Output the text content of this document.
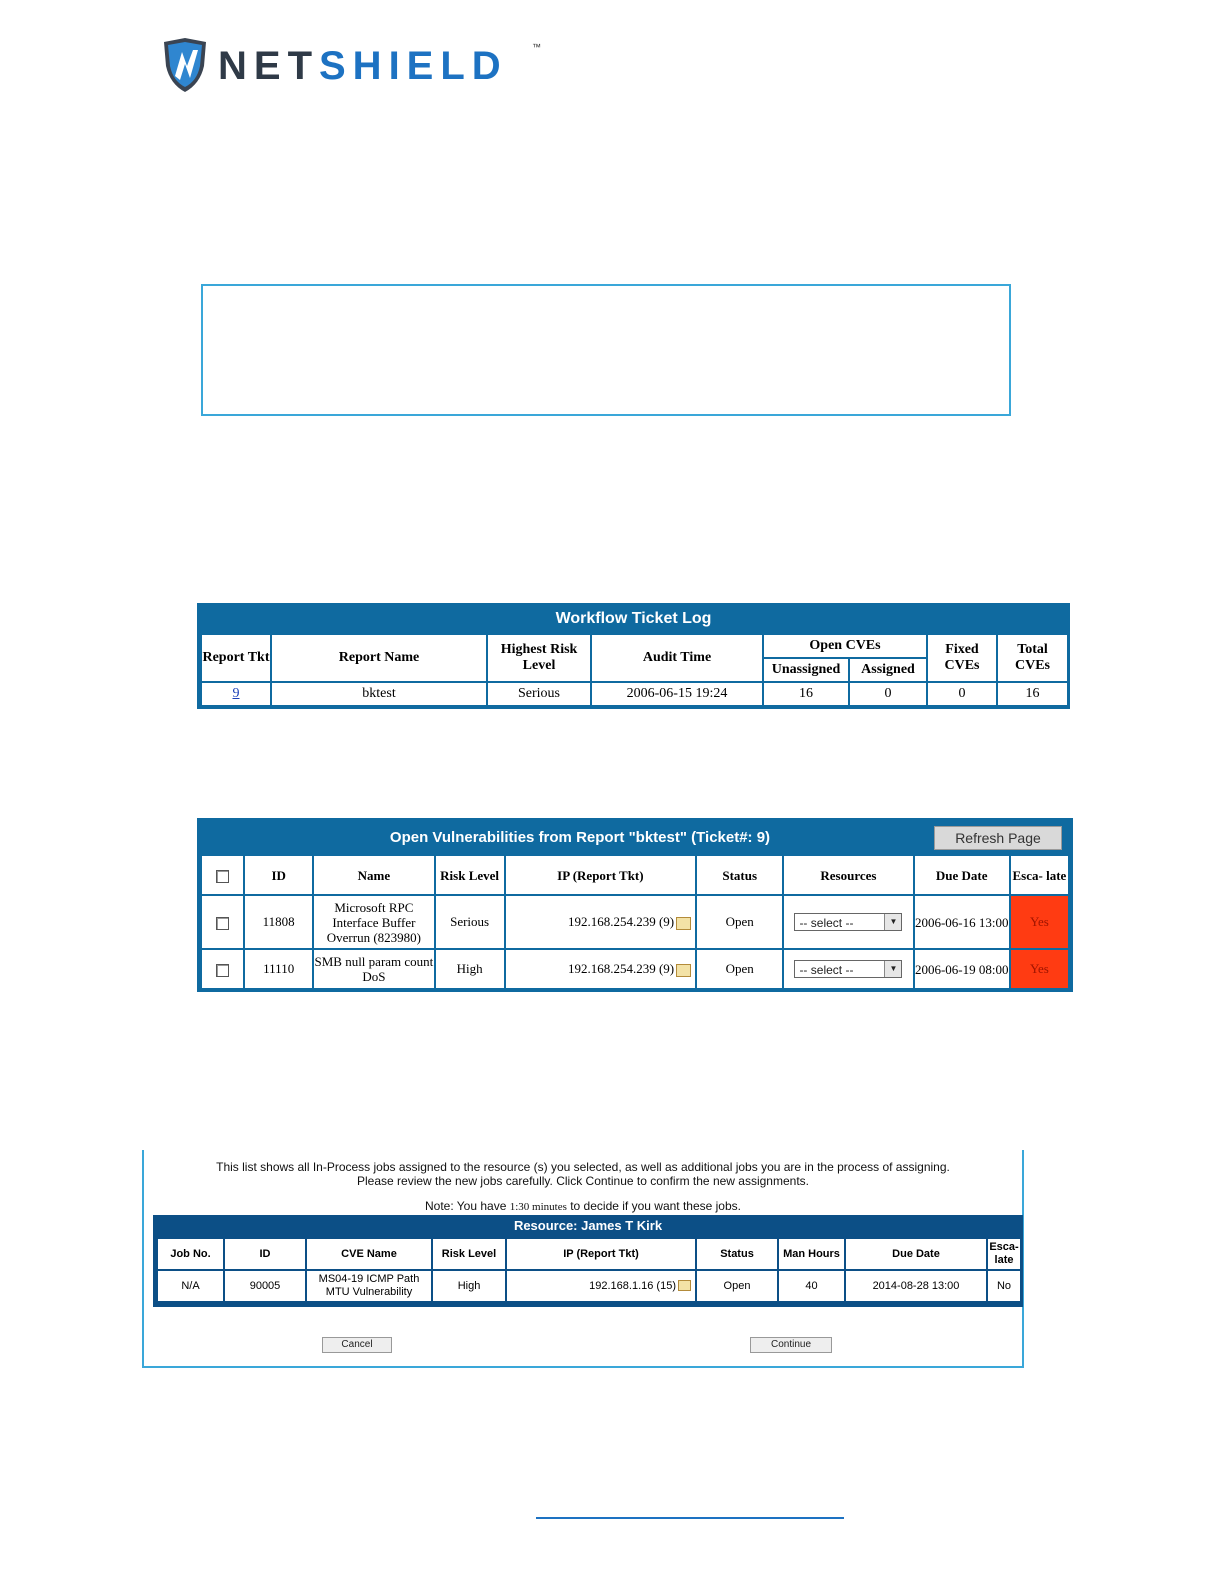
NETSHIELD	™
Workflow Ticket Log
Report Tkt	Report Name	Highest Risk Level	Audit Time	Open CVEs		Fixed CVEs	Total CVEs
				Unassigned	Assigned		
9	bktest	Serious	2006-06-15 19:24	16	0	0	16
Open Vulnerabilities from Report "bktest" (Ticket#: 9)	Refresh Page
	ID	Name	Risk Level	IP (Report Tkt)	Status	Resources	Due Date	Esca- late
	11808	Microsoft RPC Interface Buffer Overrun (823980)	Serious	192.168.254.239 (9)	Open	-- select -- ▼	2006-06-16 13:00	Yes
	11110	SMB null param count DoS	High	192.168.254.239 (9)	Open	-- select -- ▼	2006-06-19 08:00	Yes
This list shows all In-Process jobs assigned to the resource (s) you selected, as well as additional jobs you are in the process of assigning.
Please review the new jobs carefully. Click Continue to confirm the new assignments.
Note: You have 1:30 minutes to decide if you want these jobs.
Cancel	Continue
Resource: James T Kirk
Job No.	ID	CVE Name	Risk Level	IP (Report Tkt)	Status	Man Hours	Due Date	Esca- late
N/A	90005	MS04-19 ICMP Path MTU Vulnerability	High	192.168.1.16 (15)	Open	40	2014-08-28 13:00	No
